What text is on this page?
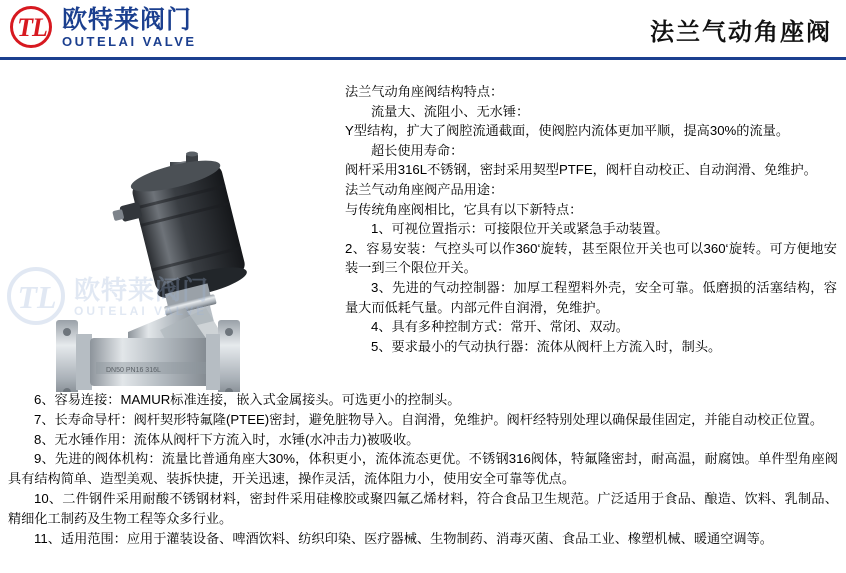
TL 欧特莱阀门
OUTELAI VALVE	法兰气动角座阀
DN50 PN16 316L
TL 欧特莱阀门
OUTELAI VALVE

法兰气动角座阀结构特点：

流量大、流阻小、无水锤：

Y型结构，扩大了阀腔流通截面，使阀腔内流体更加平顺，提高30%的流量。

超长使用寿命：

阀杆采用316L不锈钢，密封采用契型PTFE，阀杆自动校正、自动润滑、免维护。

法兰气动角座阀产品用途：

与传统角座阀相比，它具有以下新特点：

1、可视位置指示：可接限位开关或紧急手动装置。

2、容易安装：气控头可以作360‘旋转，甚至限位开关也可以360‘旋转。可方便地安装一到三个限位开关。

3、先进的气动控制器：加厚工程塑料外壳，安全可靠。低磨损的活塞结构，容量大而低耗气量。内部元件自润滑，免维护。

4、具有多种控制方式：常开、常闭、双动。

5、要求最小的气动执行器：流体从阀杆上方流入时，制头。

6、容易连接：MAMUR标准连接，嵌入式金属接头。可选更小的控制头。

7、长寿命导杆：阀杆契形特氟隆(PTEE)密封，避免脏物导入。自润滑，免维护。阀杆经特别处理以确保最佳固定，并能自动校正位置。

8、无水锤作用：流体从阀杆下方流入时，水锤(水冲击力)被吸收。

9、先进的阀体机构：流量比普通角座大30%，体积更小，流体流态更优。不锈钢316阀体，特氟隆密封，耐高温，耐腐蚀。单件型角座阀具有结构简单、造型美观、装拆快捷，开关迅速，操作灵活，流体阻力小，使用安全可靠等优点。

10、二件钢件采用耐酸不锈钢材料，密封件采用硅橡胶或聚四氟乙烯材料，符合食品卫生规范。广泛适用于食品、酿造、饮料、乳制品、精细化工制药及生物工程等众多行业。

11、适用范围：应用于灌装设备、啤酒饮料、纺织印染、医疗器械、生物制药、消毒灭菌、食品工业、橡塑机械、暖通空调等。
